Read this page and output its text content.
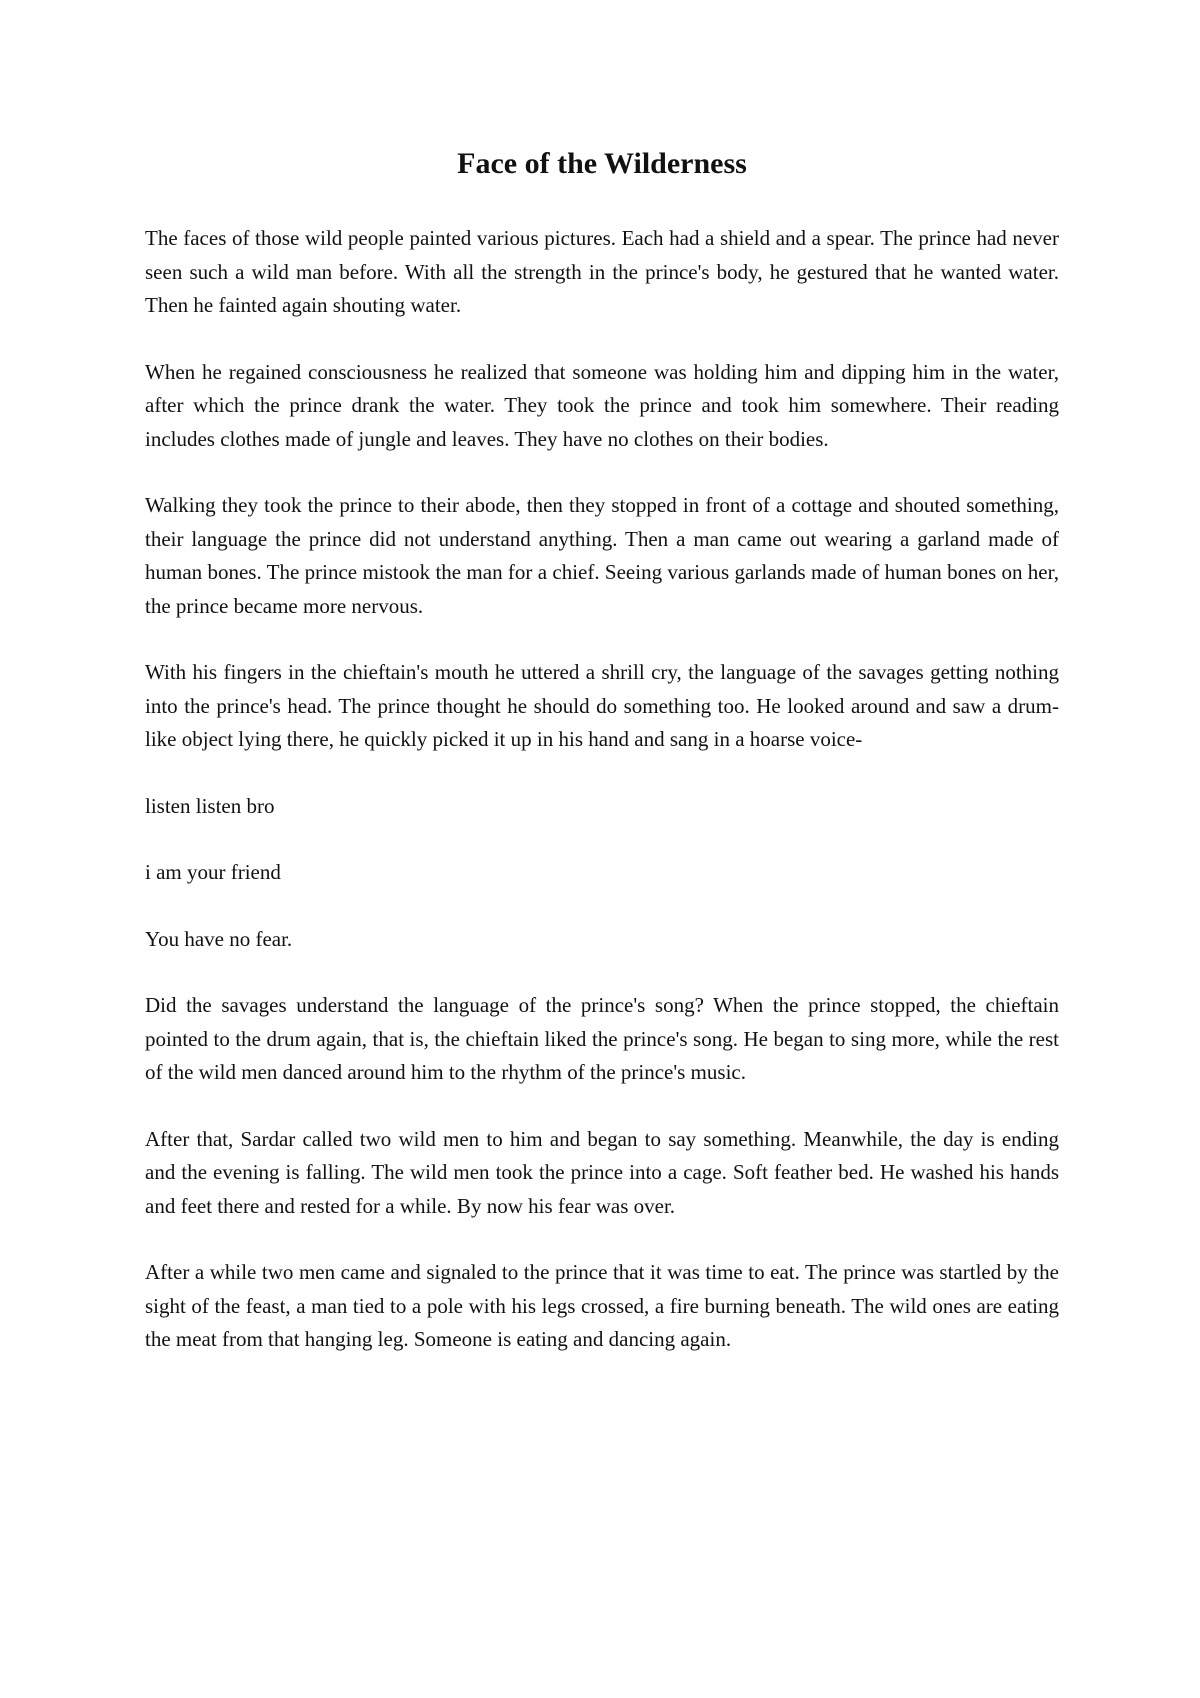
Face of the Wilderness

The faces of those wild people painted various pictures. Each had a shield and a spear. The prince had never seen such a wild man before. With all the strength in the prince's body, he gestured that he wanted water. Then he fainted again shouting water.

When he regained consciousness he realized that someone was holding him and dipping him in the water, after which the prince drank the water. They took the prince and took him somewhere. Their reading includes clothes made of jungle and leaves. They have no clothes on their bodies.

Walking they took the prince to their abode, then they stopped in front of a cottage and shouted something, their language the prince did not understand anything. Then a man came out wearing a garland made of human bones. The prince mistook the man for a chief. Seeing various garlands made of human bones on her, the prince became more nervous.

With his fingers in the chieftain's mouth he uttered a shrill cry, the language of the savages getting nothing into the prince's head. The prince thought he should do something too. He looked around and saw a drum-like object lying there, he quickly picked it up in his hand and sang in a hoarse voice-

listen listen bro

i am your friend

You have no fear.

Did the savages understand the language of the prince's song? When the prince stopped, the chieftain pointed to the drum again, that is, the chieftain liked the prince's song. He began to sing more, while the rest of the wild men danced around him to the rhythm of the prince's music.

After that, Sardar called two wild men to him and began to say something. Meanwhile, the day is ending and the evening is falling. The wild men took the prince into a cage. Soft feather bed. He washed his hands and feet there and rested for a while. By now his fear was over.

After a while two men came and signaled to the prince that it was time to eat. The prince was startled by the sight of the feast, a man tied to a pole with his legs crossed, a fire burning beneath. The wild ones are eating the meat from that hanging leg. Someone is eating and dancing again.
